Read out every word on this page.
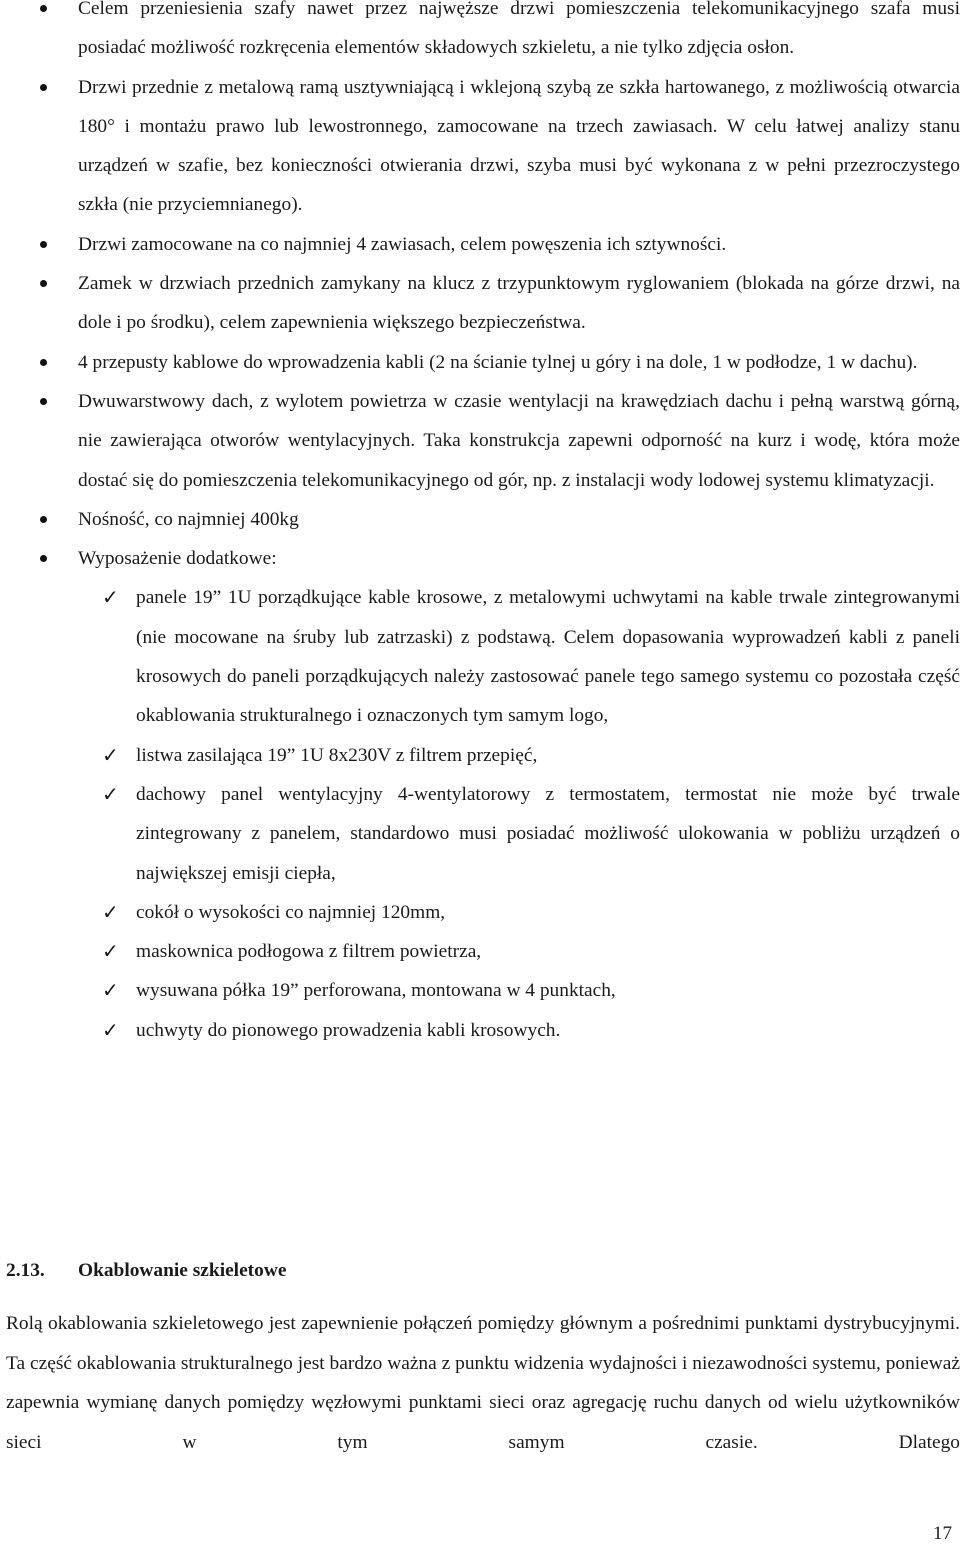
Celem przeniesienia szafy nawet przez najwęższe drzwi pomieszczenia telekomunikacyjnego szafa musi posiadać możliwość rozkręcenia elementów składowych szkieletu, a nie tylko zdjęcia osłon.
Drzwi przednie z metalową ramą usztywniającą i wklejoną szybą ze szkła hartowanego, z możliwością otwarcia 180° i montażu prawo lub lewostronnego, zamocowane na trzech zawiasach. W celu łatwej analizy stanu urządzeń w szafie, bez konieczności otwierania drzwi, szyba musi być wykonana z w pełni przezroczystego szkła (nie przyciemnianego).
Drzwi zamocowane na co najmniej 4 zawiasach, celem powęszenia ich sztywności.
Zamek w drzwiach przednich zamykany na klucz z trzypunktowym ryglowaniem (blokada na górze drzwi, na dole i po środku), celem zapewnienia większego bezpieczeństwa.
4 przepusty kablowe do wprowadzenia kabli (2 na ścianie tylnej u góry i na dole, 1 w podłodze, 1 w dachu).
Dwuwarstwowy dach, z wylotem powietrza w czasie wentylacji na krawędziach dachu i pełną warstwą górną, nie zawierająca otworów wentylacyjnych. Taka konstrukcja zapewni odporność na kurz i wodę, która może dostać się do pomieszczenia telekomunikacyjnego od gór, np. z instalacji wody lodowej systemu klimatyzacji.
Nośność, co najmniej 400kg
Wyposażenie dodatkowe:
✓ panele 19” 1U porządkujące kable krosowe, z metalowymi uchwytami na kable trwale zintegrowanymi (nie mocowane na śruby lub zatrzaski) z podstawą. Celem dopasowania wyprowadzeń kabli z paneli krosowych do paneli porządkujących należy zastosować panele tego samego systemu co pozostała część okablowania strukturalnego i oznaczonych tym samym logo,
✓ listwa zasilająca 19” 1U 8x230V z filtrem przepięć,
✓ dachowy panel wentylacyjny 4-wentylatorowy z termostatem, termostat nie może być trwale zintegrowany z panelem, standardowo musi posiadać możliwość ulokowania w pobliżu urządzeń o największej emisji ciepła,
✓ cokół o wysokości co najmniej 120mm,
✓ maskownica podłogowa z filtrem powietrza,
✓ wysuwana półka 19” perforowana, montowana w 4 punktach,
✓ uchwyty do pionowego prowadzenia kabli krosowych.
2.13. Okablowanie szkieletowe
Rolą okablowania szkieletowego jest zapewnienie połączeń pomiędzy głównym a pośrednimi punktami dystrybucyjnymi. Ta część okablowania strukturalnego jest bardzo ważna z punktu widzenia wydajności i niezawodności systemu, ponieważ zapewnia wymianę danych pomiędzy węzłowymi punktami sieci oraz agregację ruchu danych od wielu użytkowników sieci w tym samym czasie. Dlatego
17
